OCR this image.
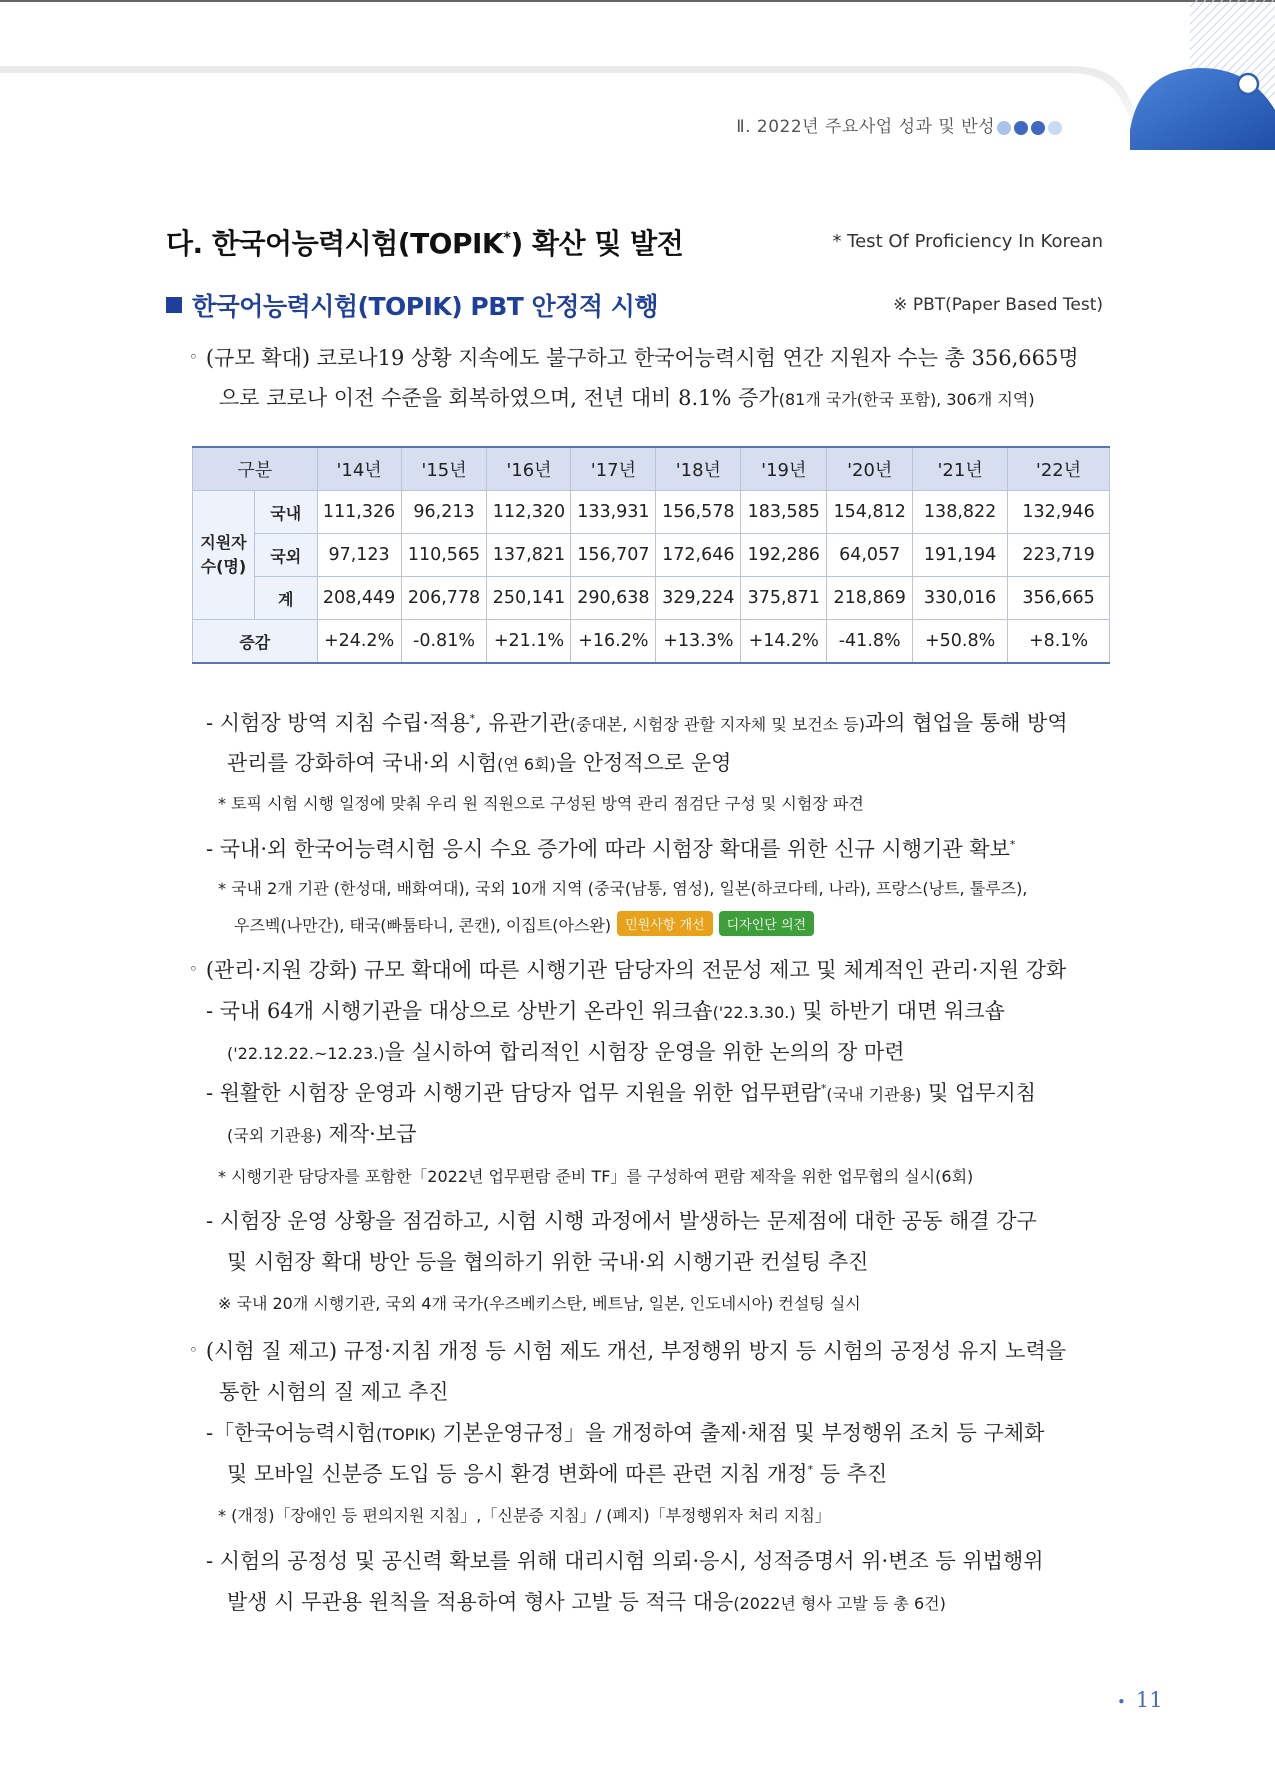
Ⅱ. 2022년 주요사업 성과 및 반성
다. 한국어능력시험(TOPIK*) 확산 및 발전	* Test Of Proficiency In Korean
한국어능력시험(TOPIK) PBT 안정적 시행	※ PBT(Paper Based Test)
◦ (규모 확대) 코로나19 상황 지속에도 불구하고 한국어능력시험 연간 지원자 수는 총 356,665명
으로 코로나 이전 수준을 회복하였으며, 전년 대비 8.1% 증가(81개 국가(한국 포함), 306개 지역)
구분		'14년	'15년	'16년	'17년	'18년	'19년	'20년	'21년	'22년
지원자 수(명)	국내	111,326	96,213	112,320	133,931	156,578	183,585	154,812	138,822	132,946
	국외	97,123	110,565	137,821	156,707	172,646	192,286	64,057	191,194	223,719
	계	208,449	206,778	250,141	290,638	329,224	375,871	218,869	330,016	356,665
증감		+24.2%	-0.81%	+21.1%	+16.2%	+13.3%	+14.2%	-41.8%	+50.8%	+8.1%
- 시험장 방역 지침 수립·적용*, 유관기관(중대본, 시험장 관할 지자체 및 보건소 등)과의 협업을 통해 방역
관리를 강화하여 국내·외 시험(연 6회)을 안정적으로 운영
* 토픽 시험 시행 일정에 맞춰 우리 원 직원으로 구성된 방역 관리 점검단 구성 및 시험장 파견
- 국내·외 한국어능력시험 응시 수요 증가에 따라 시험장 확대를 위한 신규 시행기관 확보*
* 국내 2개 기관 (한성대, 배화여대), 국외 10개 지역 (중국(남통, 염성), 일본(하코다테, 나라), 프랑스(낭트, 툴루즈),
우즈벡(나만간), 태국(빠툼타니, 콘캔), 이집트(아스완) 민원사항 개선 디자인단 의견
◦ (관리·지원 강화) 규모 확대에 따른 시행기관 담당자의 전문성 제고 및 체계적인 관리·지원 강화
- 국내 64개 시행기관을 대상으로 상반기 온라인 워크숍('22.3.30.) 및 하반기 대면 워크숍
('22.12.22.~12.23.)을 실시하여 합리적인 시험장 운영을 위한 논의의 장 마련
- 원활한 시험장 운영과 시행기관 담당자 업무 지원을 위한 업무편람*(국내 기관용) 및 업무지침
(국외 기관용) 제작·보급
* 시행기관 담당자를 포함한「2022년 업무편람 준비 TF」를 구성하여 편람 제작을 위한 업무협의 실시(6회)
- 시험장 운영 상황을 점검하고, 시험 시행 과정에서 발생하는 문제점에 대한 공동 해결 강구
및 시험장 확대 방안 등을 협의하기 위한 국내·외 시행기관 컨설팅 추진
※ 국내 20개 시행기관, 국외 4개 국가(우즈베키스탄, 베트남, 일본, 인도네시아) 컨설팅 실시
◦ (시험 질 제고) 규정·지침 개정 등 시험 제도 개선, 부정행위 방지 등 시험의 공정성 유지 노력을
통한 시험의 질 제고 추진
-「한국어능력시험(TOPIK) 기본운영규정」을 개정하여 출제·채점 및 부정행위 조치 등 구체화
및 모바일 신분증 도입 등 응시 환경 변화에 따른 관련 지침 개정* 등 추진
* (개정)「장애인 등 편의지원 지침」,「신분증 지침」/ (폐지)「부정행위자 처리 지침」
- 시험의 공정성 및 공신력 확보를 위해 대리시험 의뢰·응시, 성적증명서 위·변조 등 위법행위
발생 시 무관용 원칙을 적용하여 형사 고발 등 적극 대응(2022년 형사 고발 등 총 6건)
• 11
